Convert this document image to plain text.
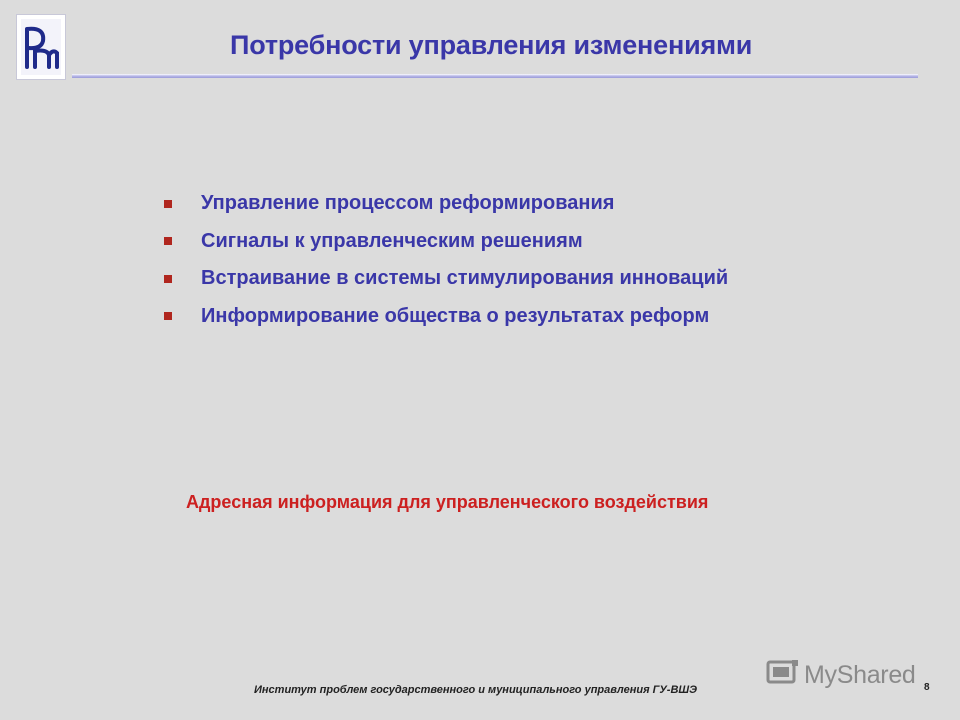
Потребности управления изменениями
Управление процессом реформирования
Сигналы к управленческим решениям
Встраивание в системы стимулирования инноваций
Информирование общества о результатах реформ
Адресная информация для управленческого воздействия
MyShared
Институт проблем государственного и муниципального управления ГУ-ВШЭ	8
